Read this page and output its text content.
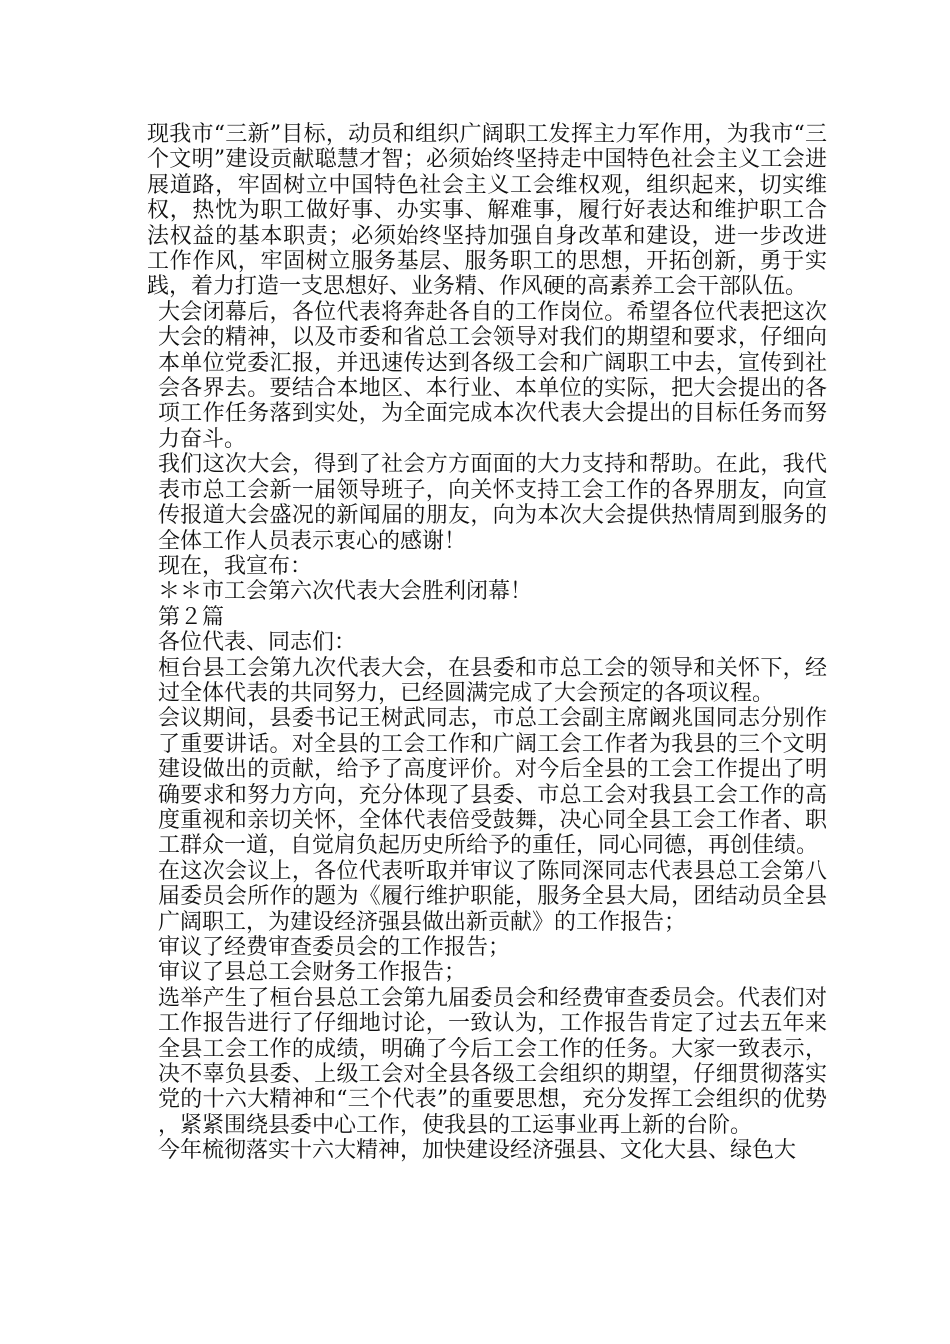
现我市“三新”目标，动员和组织广阔职工发挥主力军作用，为我市“三个文明”建设贡献聪慧才智；必须始终坚持走中国特色社会主义工会进展道路，牢固树立中国特色社会主义工会维权观，组织起来，切实维权，热忱为职工做好事、办实事、解难事，履行好表达和维护职工合法权益的基本职责；必须始终坚持加强自身改革和建设，进一步改进工作作风，牢固树立服务基层、服务职工的思想，开拓创新，勇于实践，着力打造一支思想好、业务精、作风硬的高素养工会干部队伍。

大会闭幕后，各位代表将奔赴各自的工作岗位。希望各位代表把这次大会的精神，以及市委和省总工会领导对我们的期望和要求，仔细向本单位党委汇报，并迅速传达到各级工会和广阔职工中去，宣传到社会各界去。要结合本地区、本行业、本单位的实际，把大会提出的各项工作任务落到实处，为全面完成本次代表大会提出的目标任务而努力奋斗。

我们这次大会，得到了社会方方面面的大力支持和帮助。在此，我代表市总工会新一届领导班子，向关怀支持工会工作的各界朋友，向宣传报道大会盛况的新闻届的朋友，向为本次大会提供热情周到服务的全体工作人员表示衷心的感谢！

现在，我宣布：

＊＊市工会第六次代表大会胜利闭幕！

第２篇

各位代表、同志们：

桓台县工会第九次代表大会，在县委和市总工会的领导和关怀下，经过全体代表的共同努力，已经圆满完成了大会预定的各项议程。

会议期间，县委书记王树武同志，市总工会副主席阚兆国同志分别作了重要讲话。对全县的工会工作和广阔工会工作者为我县的三个文明建设做出的贡献，给予了高度评价。对今后全县的工会工作提出了明确要求和努力方向，充分体现了县委、市总工会对我县工会工作的高度重视和亲切关怀，全体代表倍受鼓舞，决心同全县工会工作者、职工群众一道，自觉肩负起历史所给予的重任，同心同德，再创佳绩。

在这次会议上，各位代表听取并审议了陈同深同志代表县总工会第八届委员会所作的题为《履行维护职能，服务全县大局，团结动员全县广阔职工，为建设经济强县做出新贡献》的工作报告；

审议了经费审查委员会的工作报告；

审议了县总工会财务工作报告；

选举产生了桓台县总工会第九届委员会和经费审查委员会。代表们对工作报告进行了仔细地讨论，一致认为，工作报告肯定了过去五年来全县工会工作的成绩，明确了今后工会工作的任务。大家一致表示，决不辜负县委、上级工会对全县各级工会组织的期望，仔细贯彻落实党的十六大精神和“三个代表”的重要思想，充分发挥工会组织的优势，紧紧围绕县委中心工作，使我县的工运事业再上新的台阶。

今年梳彻落实十六大精神，加快建设经济强县、文化大县、绿色大
